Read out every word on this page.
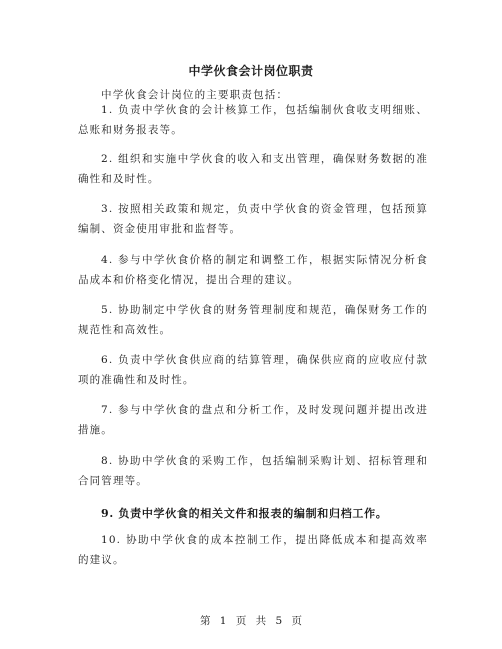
中学伙食会计岗位职责
中学伙食会计岗位的主要职责包括：

1. 负责中学伙食的会计核算工作，包括编制伙食收支明细账、总账和财务报表等。

2. 组织和实施中学伙食的收入和支出管理，确保财务数据的准确性和及时性。

3. 按照相关政策和规定，负责中学伙食的资金管理，包括预算编制、资金使用审批和监督等。

4. 参与中学伙食价格的制定和调整工作，根据实际情况分析食品成本和价格变化情况，提出合理的建议。

5. 协助制定中学伙食的财务管理制度和规范，确保财务工作的规范性和高效性。

6. 负责中学伙食供应商的结算管理，确保供应商的应收应付款项的准确性和及时性。

7. 参与中学伙食的盘点和分析工作，及时发现问题并提出改进措施。

8. 协助中学伙食的采购工作，包括编制采购计划、招标管理和合同管理等。

9. 负责中学伙食的相关文件和报表的编制和归档工作。

10. 协助中学伙食的成本控制工作，提出降低成本和提高效率的建议。

第 1 页 共 5 页
